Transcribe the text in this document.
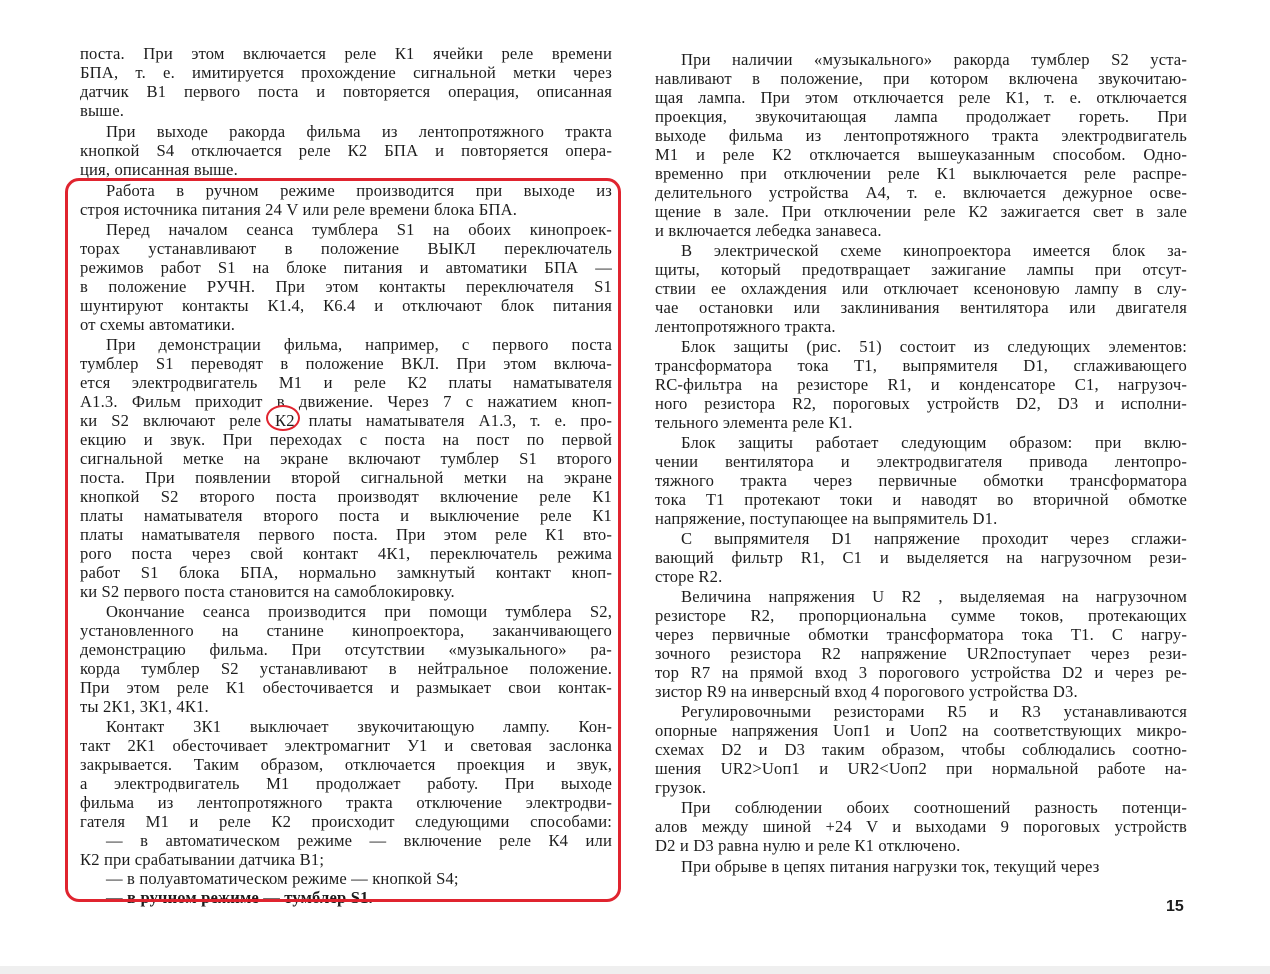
поста. При этом включается реле К1 ячейки реле времени
БПА, т. е. имитируется прохождение сигнальной метки через
датчик В1 первого поста и повторяется операция, описанная
выше.
При выходе ракорда фильма из лентопротяжного тракта
кнопкой S4 отключается реле К2 БПА и повторяется опера-
ция, описанная выше.
Работа в ручном режиме производится при выходе из
строя источника питания 24 V или реле времени блока БПА.
Перед началом сеанса тумблера S1 на обоих кинопроек-
торах устанавливают в положение ВЫКЛ переключатель
режимов работ S1 на блоке питания и автоматики БПА —
в положение РУЧН. При этом контакты переключателя S1
шунтируют контакты К1.4, К6.4 и отключают блок питания
от схемы автоматики.
При демонстрации фильма, например, с первого поста
тумблер S1 переводят в положение ВКЛ. При этом включа-
ется электродвигатель М1 и реле К2 платы наматывателя
А1.3. Фильм приходит в движение. Через 7 с нажатием кноп-
ки S2 включают реле К2 платы наматывателя А1.3, т. е. про-
екцию и звук. При переходах с поста на пост по первой
сигнальной метке на экране включают тумблер S1 второго
поста. При появлении второй сигнальной метки на экране
кнопкой S2 второго поста производят включение реле К1
платы наматывателя второго поста и выключение реле К1
платы наматывателя первого поста. При этом реле К1 вто-
рого поста через свой контакт 4К1, переключатель режима
работ S1 блока БПА, нормально замкнутый контакт кноп-
ки S2 первого поста становится на самоблокировку.
Окончание сеанса производится при помощи тумблера S2,
установленного на станине кинопроектора, заканчивающего
демонстрацию фильма. При отсутствии «музыкального» ра-
корда тумблер S2 устанавливают в нейтральное положение.
При этом реле К1 обесточивается и размыкает свои контак-
ты 2К1, 3К1, 4К1.
Контакт 3К1 выключает звукочитающую лампу. Кон-
такт 2К1 обесточивает электромагнит У1 и световая заслонка
закрывается. Таким образом, отключается проекция и звук,
а электродвигатель М1 продолжает работу. При выходе
фильма из лентопротяжного тракта отключение электродви-
гателя М1 и реле К2 происходит следующими способами:
— в автоматическом режиме — включение реле К4 или
К2 при срабатывании датчика В1;
— в полуавтоматическом режиме — кнопкой S4;
— в ручном режиме — тумблер S1.
При наличии «музыкального» ракорда тумблер S2 уста-
навливают в положение, при котором включена звукочитаю-
щая лампа. При этом отключается реле К1, т. е. отключается
проекция, звукочитающая лампа продолжает гореть. При
выходе фильма из лентопротяжного тракта электродвигатель
М1 и реле К2 отключается вышеуказанным способом. Одно-
временно при отключении реле К1 выключается реле распре-
делительного устройства А4, т. е. включается дежурное осве-
щение в зале. При отключении реле К2 зажигается свет в зале
и включается лебедка занавеса.
В электрической схеме кинопроектора имеется блок за-
щиты, который предотвращает зажигание лампы при отсут-
ствии ее охлаждения или отключает ксеноновую лампу в слу-
чае остановки или заклинивания вентилятора или двигателя
лентопротяжного тракта.
Блок защиты (рис. 51) состоит из следующих элементов:
трансформатора тока Т1, выпрямителя D1, сглаживающего
RC-фильтра на резисторе R1, и конденсаторе С1, нагрузоч-
ного резистора R2, пороговых устройств D2, D3 и исполни-
тельного элемента реле К1.
Блок защиты работает следующим образом: при вклю-
чении вентилятора и электродвигателя привода лентопро-
тяжного тракта через первичные обмотки трансформатора
тока Т1 протекают токи и наводят во вторичной обмотке
напряжение, поступающее на выпрямитель D1.
С выпрямителя D1 напряжение проходит через сглажи-
вающий фильтр R1, С1 и выделяется на нагрузочном рези-
сторе R2.
Величина напряжения U R2 , выделяемая на нагрузочном
резисторе R2, пропорциональна сумме токов, протекающих
через первичные обмотки трансформатора тока Т1. С нагру-
зочного резистора R2 напряжение UR2поступает через рези-
тор R7 на прямой вход 3 порогового устройства D2 и через ре-
зистор R9 на инверсный вход 4 порогового устройства D3.
Регулировочными резисторами R5 и R3 устанавливаются
опорные напряжения Uоп1 и Uоп2 на соответствующих микро-
схемах D2 и D3 таким образом, чтобы соблюдались соотно-
шения UR2>Uоп1 и UR2<Uоп2 при нормальной работе на-
грузок.
При соблюдении обоих соотношений разность потенци-
алов между шиной +24 V и выходами 9 пороговых устройств
D2 и D3 равна нулю и реле К1 отключено.
При обрыве в цепях питания нагрузки ток, текущий через
15
